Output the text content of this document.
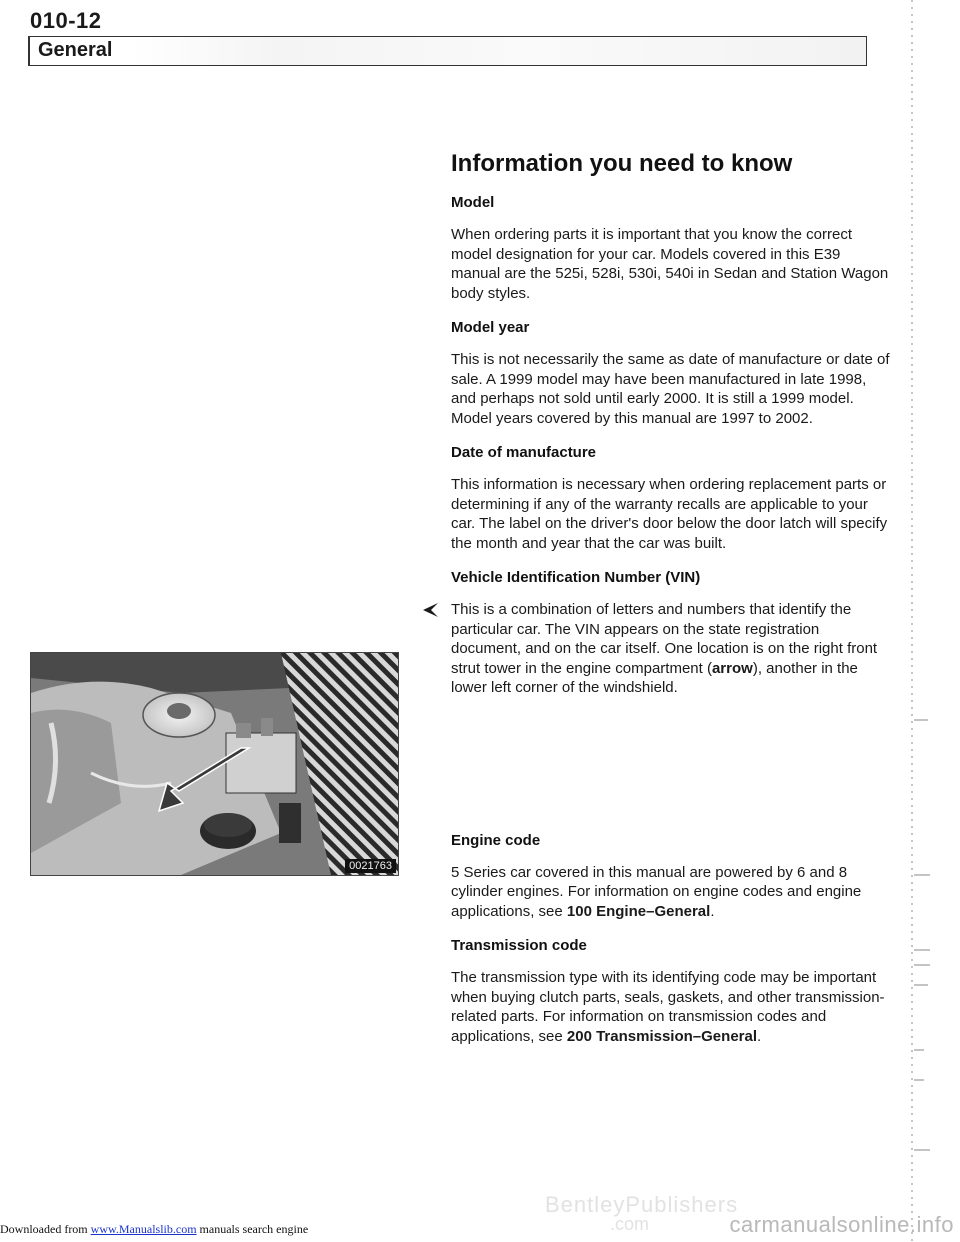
010-12
General
Information you need to know

Model

When ordering parts it is important that you know the correct model designation for your car. Models covered in this E39 manual are the 525i, 528i, 530i, 540i in Sedan and Station Wagon body styles.

Model year

This is not necessarily the same as date of manufacture or date of sale. A 1999 model may have been manufactured in late 1998, and perhaps not sold until early 2000. It is still a 1999 model. Model years covered by this manual are 1997 to 2002.

Date of manufacture

This information is necessary when ordering replacement parts or determining if any of the warranty recalls are applicable to your car. The label on the driver's door below the door latch will specify the month and year that the car was built.

Vehicle Identification Number (VIN)

This is a combination of letters and numbers that identify the particular car. The VIN appears on the state registration document, and on the car itself. One location is on the right front strut tower in the engine compartment (arrow), another in the lower left corner of the windshield.

Engine code

5 Series car covered in this manual are powered by 6 and 8 cylinder engines. For information on engine codes and engine applications, see 100 Engine–General.

Transmission code

The transmission type with its identifying code may be important when buying clutch parts, seals, gaskets, and other transmission-related parts. For information on transmission codes and applications, see 200 Transmission–General.

0021763
BentleyPublishers
.com
Downloaded from www.Manualslib.com manuals search engine	carmanualsonline.info
